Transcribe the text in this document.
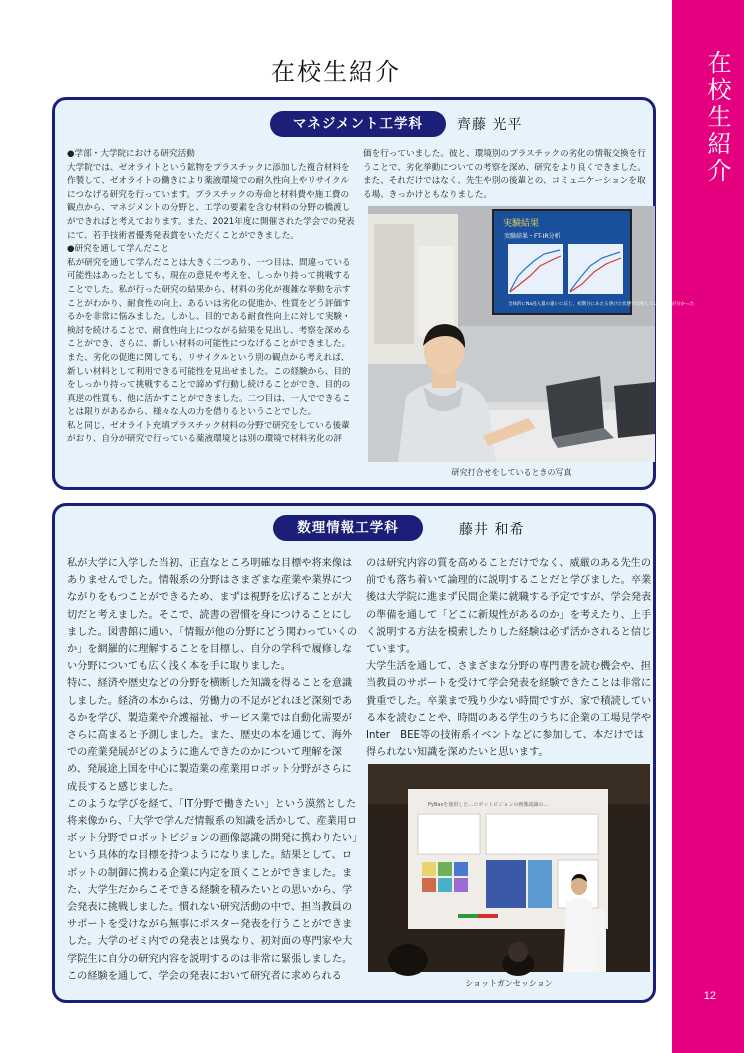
在校生紹介
12
在校生紹介
マネジメント工学科	齊藤 光平
●学部・大学院における研究活動
大学院では、ゼオライトという鉱物をプラスチックに添加した複合材料を作製して、ゼオライトの働きにより薬液環境での耐久性向上やリサイクルにつなげる研究を行っています。プラスチックの寿命と材料費や施工費の観点から、マネジメントの分野と、工学の要素を含む材料の分野の橋渡しができればと考えております。また、2021年度に開催された学会での発表にて、若手技術者優秀発表賞をいただくことができました。
●研究を通して学んだこと
私が研究を通して学んだことは大きく二つあり、一つ目は、間違っている可能性はあったとしても、現在の意見や考えを、しっかり持って挑戦することでした。私が行った研究の結果から、材料の劣化が複雑な挙動を示すことがわかり、耐食性の向上、あるいは劣化の促進か、性質をどう評価するかを非常に悩みました。しかし、目的である耐食性向上に対して実験・検討を続けることで、耐食性向上につながる結果を見出し、考察を深めることができ、さらに、新しい材料の可能性につなげることができました。また、劣化の促進に関しても、リサイクルという別の観点から考えれば、新しい材料として利用できる可能性を見出せました。この経験から、目的をしっかり持って挑戦することで諦めず行動し続けることができ、目的の真逆の性質も、他に活かすことができました。二つ目は、一人でできることは限りがあるから、様々な人の力を借りるということでした。
私と同じ、ゼオライト充填プラスチック材料の分野で研究をしている後輩がおり、自分が研究で行っている薬液環境とは別の環境で材料劣化の評
価を行っていました。彼と、環境別のプラスチックの劣化の情報交換を行うことで、劣化挙動についての考察を深め、研究をより良くできました。また、それだけではなく、先生や別の後輩との、コミュニケーションを取る場、きっかけともなりました。
実験結果
実験結果・FT-IR分析
全体的にNa浸入量の違いに応じ、初期分にあたる溶けた状態で比較していることが分かった
研究打合せをしているときの写真
数理情報工学科	藤井 和希
私が大学に入学した当初、正直なところ明確な目標や将来像はありませんでした。情報系の分野はさまざまな産業や業界につながりをもつことができるため、まずは視野を広げることが大切だと考えました。そこで、読書の習慣を身につけることにしました。図書館に通い、「情報が他の分野にどう関わっていくのか」を網羅的に理解することを目標し、自分の学科で履修しない分野についても広く浅く本を手に取りました。
特に、経済や歴史などの分野を横断した知識を得ることを意識しました。経済の本からは、労働力の不足がどれほど深刻であるかを学び、製造業や介護福祉、サービス業では自動化需要がさらに高まると予測しました。また、歴史の本を通じて、海外での産業発展がどのように進んできたのかについて理解を深め、発展途上国を中心に製造業の産業用ロボット分野がさらに成長すると感じました。
このような学びを経て、「IT分野で働きたい」という漠然とした将来像から、「大学で学んだ情報系の知識を活かして、産業用ロボット分野でロボットビジョンの画像認識の開発に携わりたい」という具体的な目標を持つようになりました。結果として、ロボットの制御に携わる企業に内定を頂くことができました。また、大学生だからこそできる経験を積みたいとの思いから、学会発表に挑戦しました。慣れない研究活動の中で、担当教員のサポートを受けながら無事にポスター発表を行うことができました。大学のゼミ内での発表とは異なり、初対面の専門家や大学院生に自分の研究内容を説明するのは非常に緊張しました。
この経験を通して、学会の発表において研究者に求められる
のは研究内容の質を高めることだけでなく、威厳のある先生の前でも落ち着いて論理的に説明することだと学びました。卒業後は大学院に進まず民間企業に就職する予定ですが、学会発表の準備を通して「どこに新規性があるのか」を考えたり、上手く説明する方法を模索したりした経験は必ず活かされると信じています。
大学生活を通して、さまざまな分野の専門書を読む機会や、担当教員のサポートを受けて学会発表を経験できたことは非常に貴重でした。卒業まで残り少ない時間ですが、家で積読している本を読むことや、時間のある学生のうちに企業の工場見学やInter　BEE等の技術系イベントなどに参加して、本だけでは得られない知識を深めたいと思います。
PyBaxを使用した…ロボットビジョンの画像認識の…
ショットガンセッション
